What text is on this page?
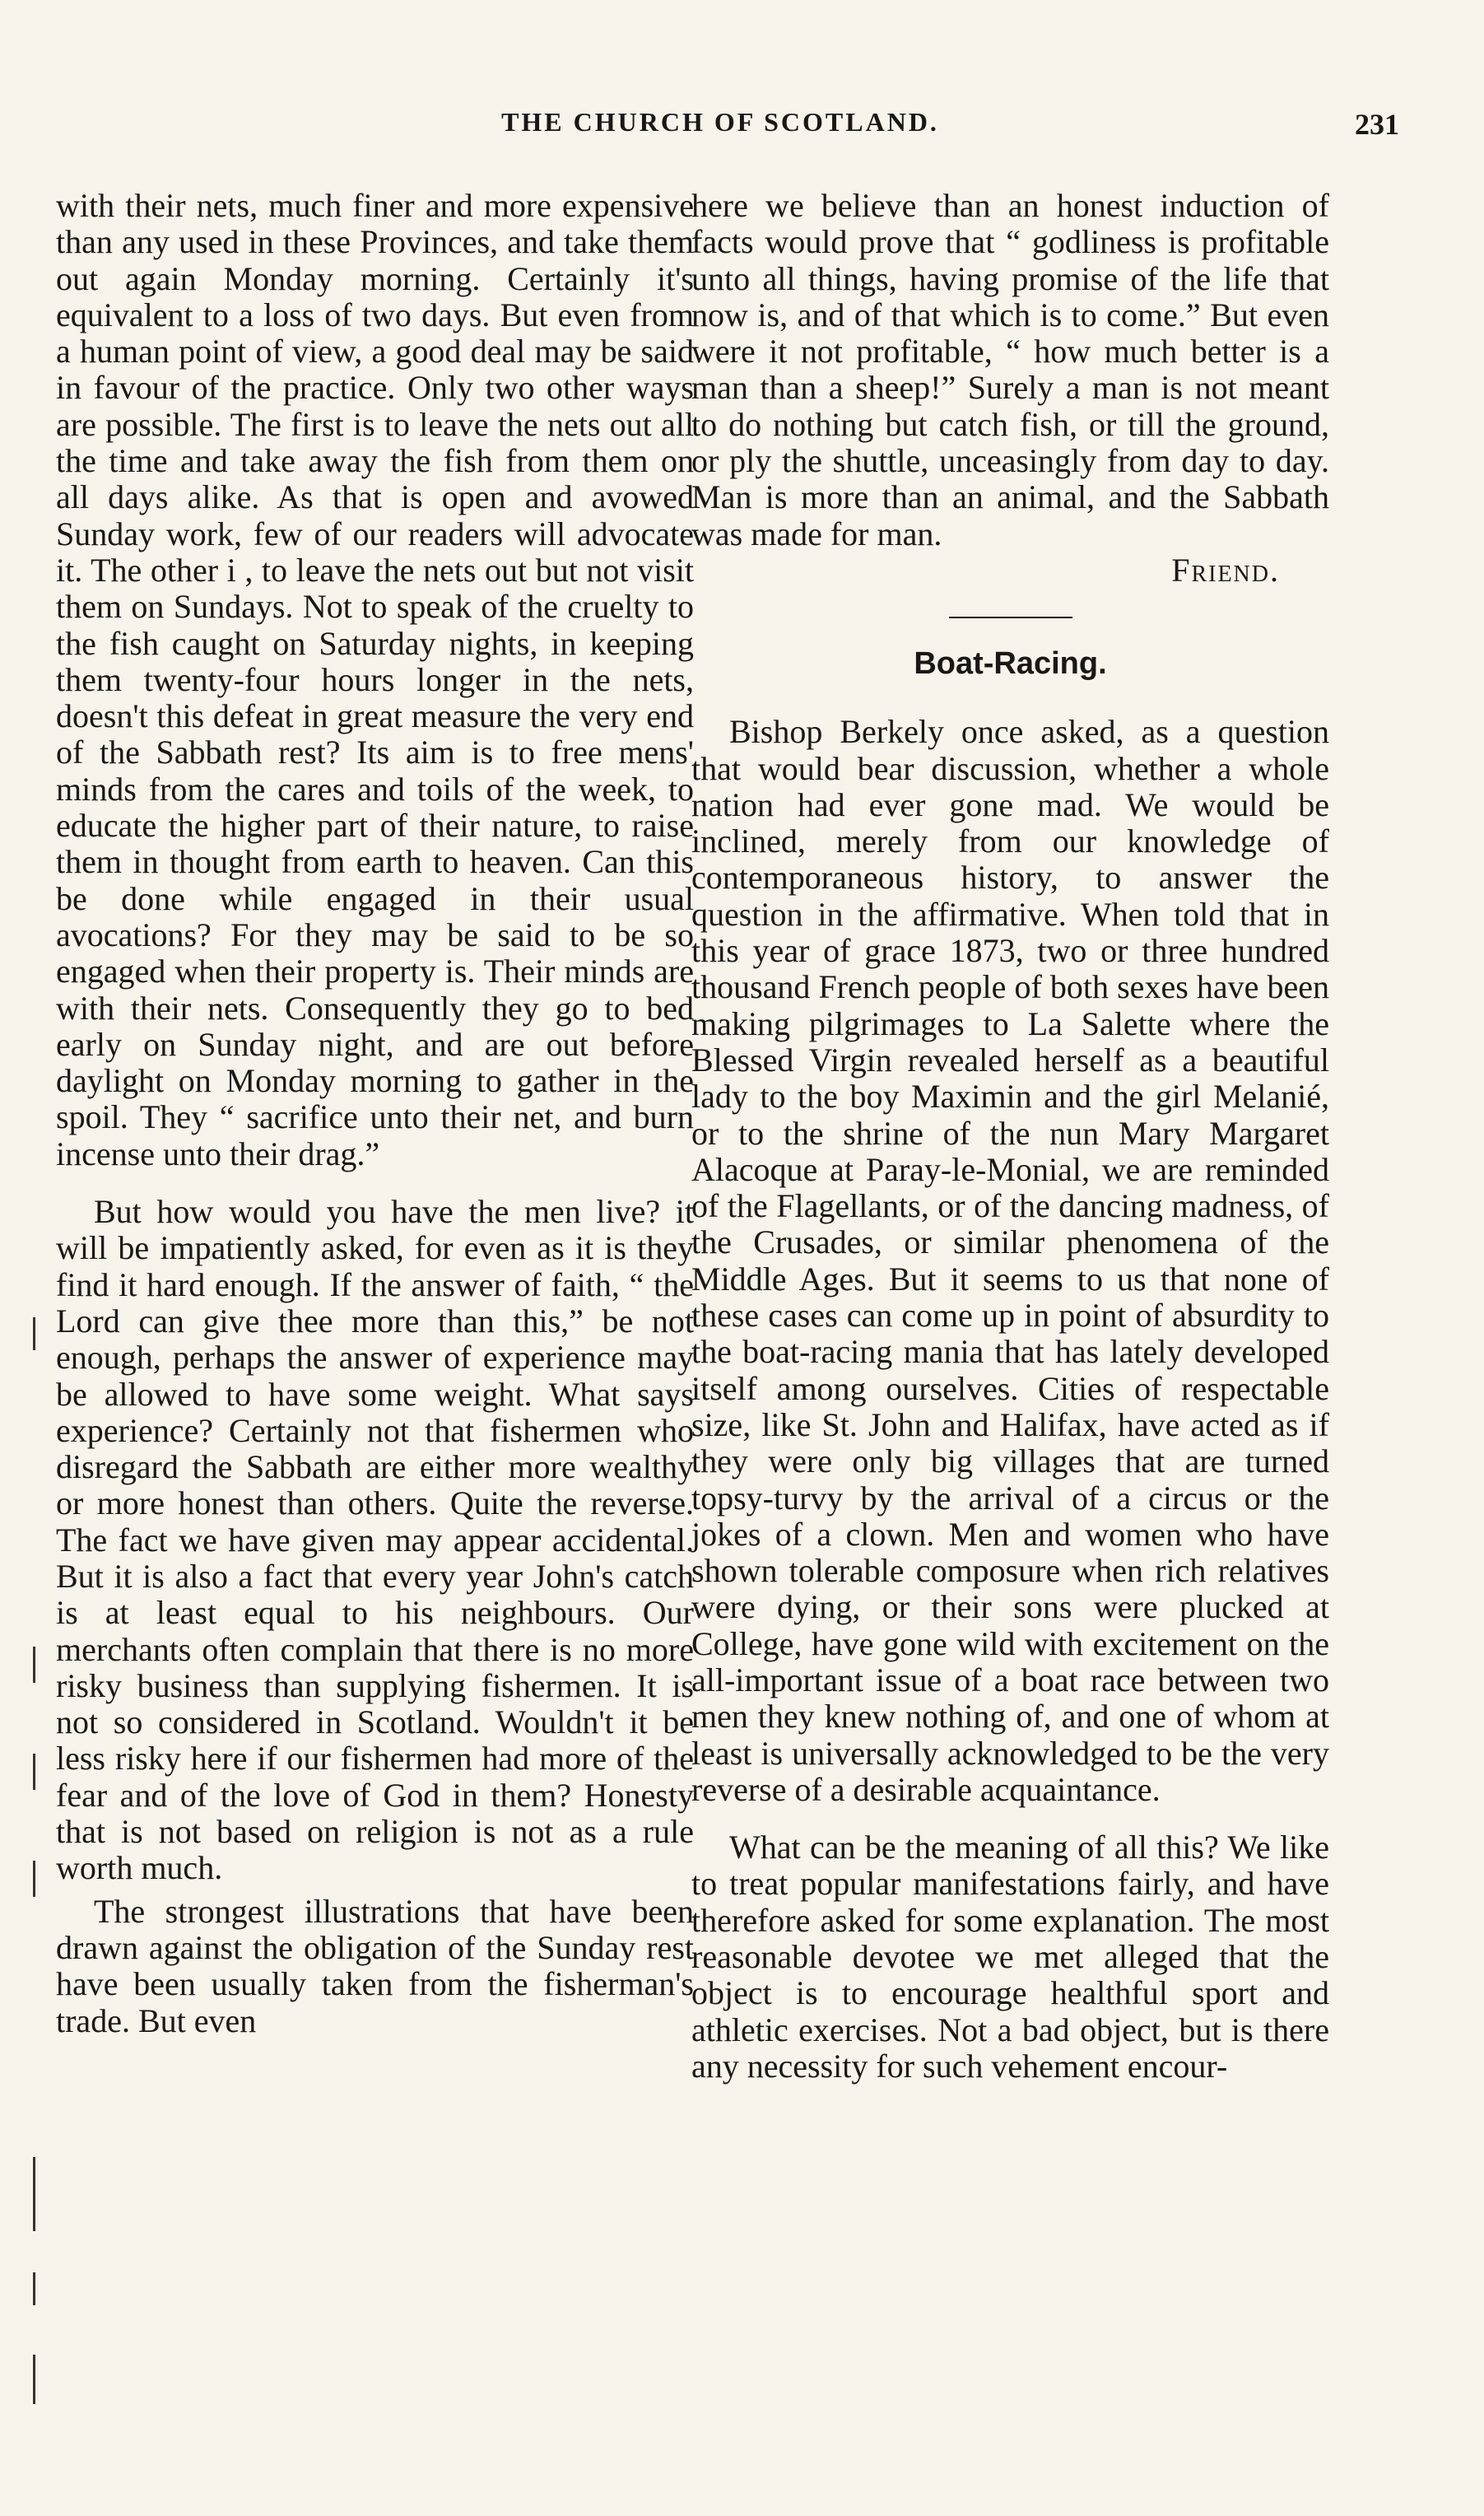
THE CHURCH OF SCOTLAND.	231

with their nets, much finer and more expensive than any used in these Provinces, and take them out again Monday morning. Certainly it's equivalent to a loss of two days. But even from a human point of view, a good deal may be said in favour of the practice. Only two other ways are possible. The first is to leave the nets out all the time and take away the fish from them on all days alike. As that is open and avowed Sunday work, few of our readers will advocate it. The other i , to leave the nets out but not visit them on Sundays. Not to speak of the cruelty to the fish caught on Saturday nights, in keeping them twenty-four hours longer in the nets, doesn't this defeat in great measure the very end of the Sabbath rest? Its aim is to free mens' minds from the cares and toils of the week, to educate the higher part of their nature, to raise them in thought from earth to heaven. Can this be done while engaged in their usual avocations? For they may be said to be so engaged when their property is. Their minds are with their nets. Consequently they go to bed early on Sunday night, and are out before daylight on Monday morning to gather in the spoil. They “ sacrifice unto their net, and burn incense unto their drag.”

But how would you have the men live? it will be impatiently asked, for even as it is they find it hard enough. If the answer of faith, “ the Lord can give thee more than this,” be not enough, perhaps the answer of experience may be allowed to have some weight. What says experience? Certainly not that fishermen who disregard the Sabbath are either more wealthy or more honest than others. Quite the reverse. The fact we have given may appear accidental. But it is also a fact that every year John's catch is at least equal to his neighbours. Our merchants often complain that there is no more risky business than supplying fishermen. It is not so considered in Scotland. Wouldn't it be less risky here if our fishermen had more of the fear and of the love of God in them? Honesty that is not based on religion is not as a rule worth much.

The strongest illustrations that have been drawn against the obligation of the Sunday rest have been usually taken from the fisherman's trade. But even

here we believe than an honest induction of facts would prove that “ godliness is profitable unto all things, having promise of the life that now is, and of that which is to come.” But even were it not profitable, “ how much better is a man than a sheep!” Surely a man is not meant to do nothing but catch fish, or till the ground, or ply the shuttle, unceasingly from day to day. Man is more than an animal, and the Sabbath was made for man.

Friend.
Boat-Racing.

Bishop Berkely once asked, as a question that would bear discussion, whether a whole nation had ever gone mad. We would be inclined, merely from our knowledge of contemporaneous history, to answer the question in the affirmative. When told that in this year of grace 1873, two or three hundred thousand French people of both sexes have been making pilgrimages to La Salette where the Blessed Virgin revealed herself as a beautiful lady to the boy Maximin and the girl Melanié, or to the shrine of the nun Mary Margaret Alacoque at Paray-le-Monial, we are reminded of the Flagellants, or of the dancing madness, of the Crusades, or similar phenomena of the Middle Ages. But it seems to us that none of these cases can come up in point of absurdity to the boat-racing mania that has lately developed itself among ourselves. Cities of respectable size, like St. John and Halifax, have acted as if they were only big villages that are turned topsy-turvy by the arrival of a circus or the jokes of a clown. Men and women who have shown tolerable composure when rich relatives were dying, or their sons were plucked at College, have gone wild with excitement on the all-important issue of a boat race between two men they knew nothing of, and one of whom at least is universally acknowledged to be the very reverse of a desirable acquaintance.

What can be the meaning of all this? We like to treat popular manifestations fairly, and have therefore asked for some explanation. The most reasonable devotee we met alleged that the object is to encourage healthful sport and athletic exercises. Not a bad object, but is there any necessity for such vehement encour-
